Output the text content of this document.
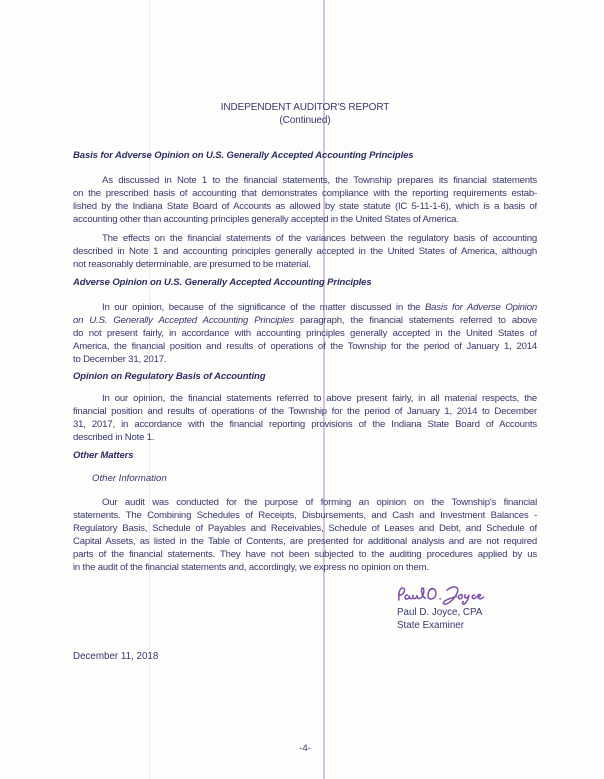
INDEPENDENT AUDITOR'S REPORT
(Continued)
Basis for Adverse Opinion on U.S. Generally Accepted Accounting Principles
As discussed in Note 1 to the financial statements, the Township prepares its financial statements
on the prescribed basis of accounting that demonstrates compliance with the reporting requirements estab-
lished by the Indiana State Board of Accounts as allowed by state statute (IC 5-11-1-6), which is a basis of
accounting other than accounting principles generally accepted in the United States of America.
The effects on the financial statements of the variances between the regulatory basis of accounting
described in Note 1 and accounting principles generally accepted in the United States of America, although
not reasonably determinable, are presumed to be material.
Adverse Opinion on U.S. Generally Accepted Accounting Principles
In our opinion, because of the significance of the matter discussed in the Basis for Adverse Opinion
on U.S. Generally Accepted Accounting Principles paragraph, the financial statements referred to above
do not present fairly, in accordance with accounting principles generally accepted in the United States of
America, the financial position and results of operations of the Township for the period of January 1, 2014
to December 31, 2017.
Opinion on Regulatory Basis of Accounting
In our opinion, the financial statements referred to above present fairly, in all material respects, the
financial position and results of operations of the Township for the period of January 1, 2014 to December
31, 2017, in accordance with the financial reporting provisions of the Indiana State Board of Accounts
described in Note 1.
Other Matters
Other Information
Our audit was conducted for the purpose of forming an opinion on the Township's financial
statements. The Combining Schedules of Receipts, Disbursements, and Cash and Investment Balances -
Regulatory Basis, Schedule of Payables and Receivables, Schedule of Leases and Debt, and Schedule of
Capital Assets, as listed in the Table of Contents, are presented for additional analysis and are not required
parts of the financial statements. They have not been subjected to the auditing procedures applied by us
in the audit of the financial statements and, accordingly, we express no opinion on them.
Paul D. Joyce, CPA
State Examiner
December 11, 2018
-4-
